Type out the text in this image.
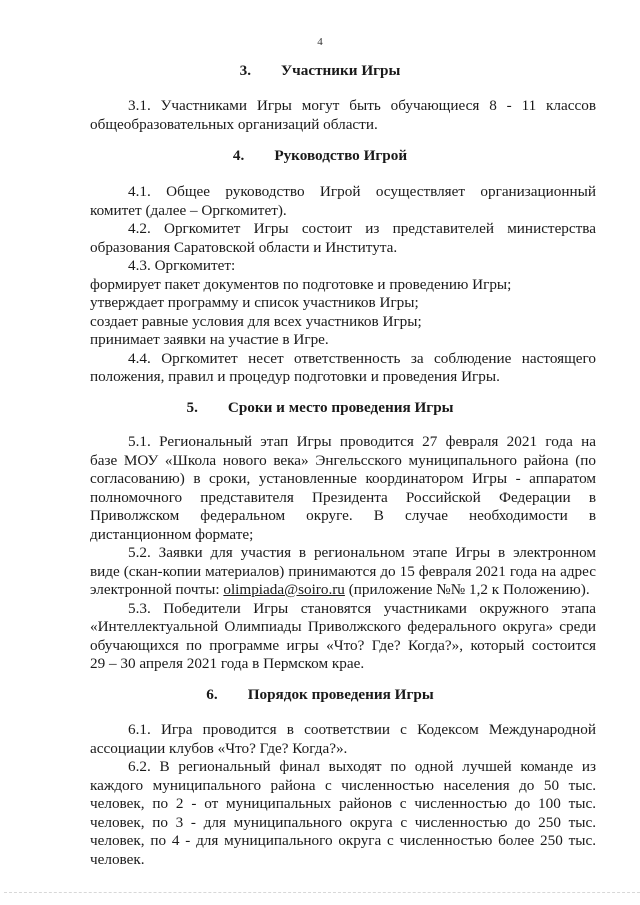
4
3. Участники Игры
3.1. Участниками Игры могут быть обучающиеся 8 - 11 классов
общеобразовательных организаций области.
4. Руководство Игрой
4.1. Общее руководство Игрой осуществляет организационный
комитет (далее – Оргкомитет).
4.2. Оргкомитет Игры состоит из представителей министерства
образования Саратовской области и Института.
4.3. Оргкомитет:
формирует пакет документов по подготовке и проведению Игры;
утверждает программу и список участников Игры;
создает равные условия для всех участников Игры;
принимает заявки на участие в Игре.
4.4. Оргкомитет несет ответственность за соблюдение настоящего
положения, правил и процедур подготовки и проведения Игры.
5. Сроки и место проведения Игры
5.1. Региональный этап Игры проводится 27 февраля 2021 года на
базе МОУ «Школа нового века» Энгельсского муниципального района (по
согласованию) в сроки, установленные координатором Игры - аппаратом
полномочного представителя Президента Российской Федерации в
Приволжском федеральном округе. В случае необходимости в
дистанционном формате;
5.2. Заявки для участия в региональном этапе Игры в электронном
виде (скан-копии материалов) принимаются до 15 февраля 2021 года на адрес
электронной почты: olimpiada@soiro.ru (приложение №№ 1,2 к Положению).
5.3. Победители Игры становятся участниками окружного этапа
«Интеллектуальной Олимпиады Приволжского федерального округа» среди
обучающихся по программе игры «Что? Где? Когда?», который состоится
29 – 30 апреля 2021 года в Пермском крае.
6. Порядок проведения Игры
6.1. Игра проводится в соответствии с Кодексом Международной
ассоциации клубов «Что? Где? Когда?».
6.2. В региональный финал выходят по одной лучшей команде из
каждого муниципального района с численностью населения до 50 тыс.
человек, по 2 - от муниципальных районов с численностью до 100 тыс.
человек, по 3 - для муниципального округа с численностью до 250 тыс.
человек, по 4 - для муниципального округа с численностью более 250 тыс.
человек.
